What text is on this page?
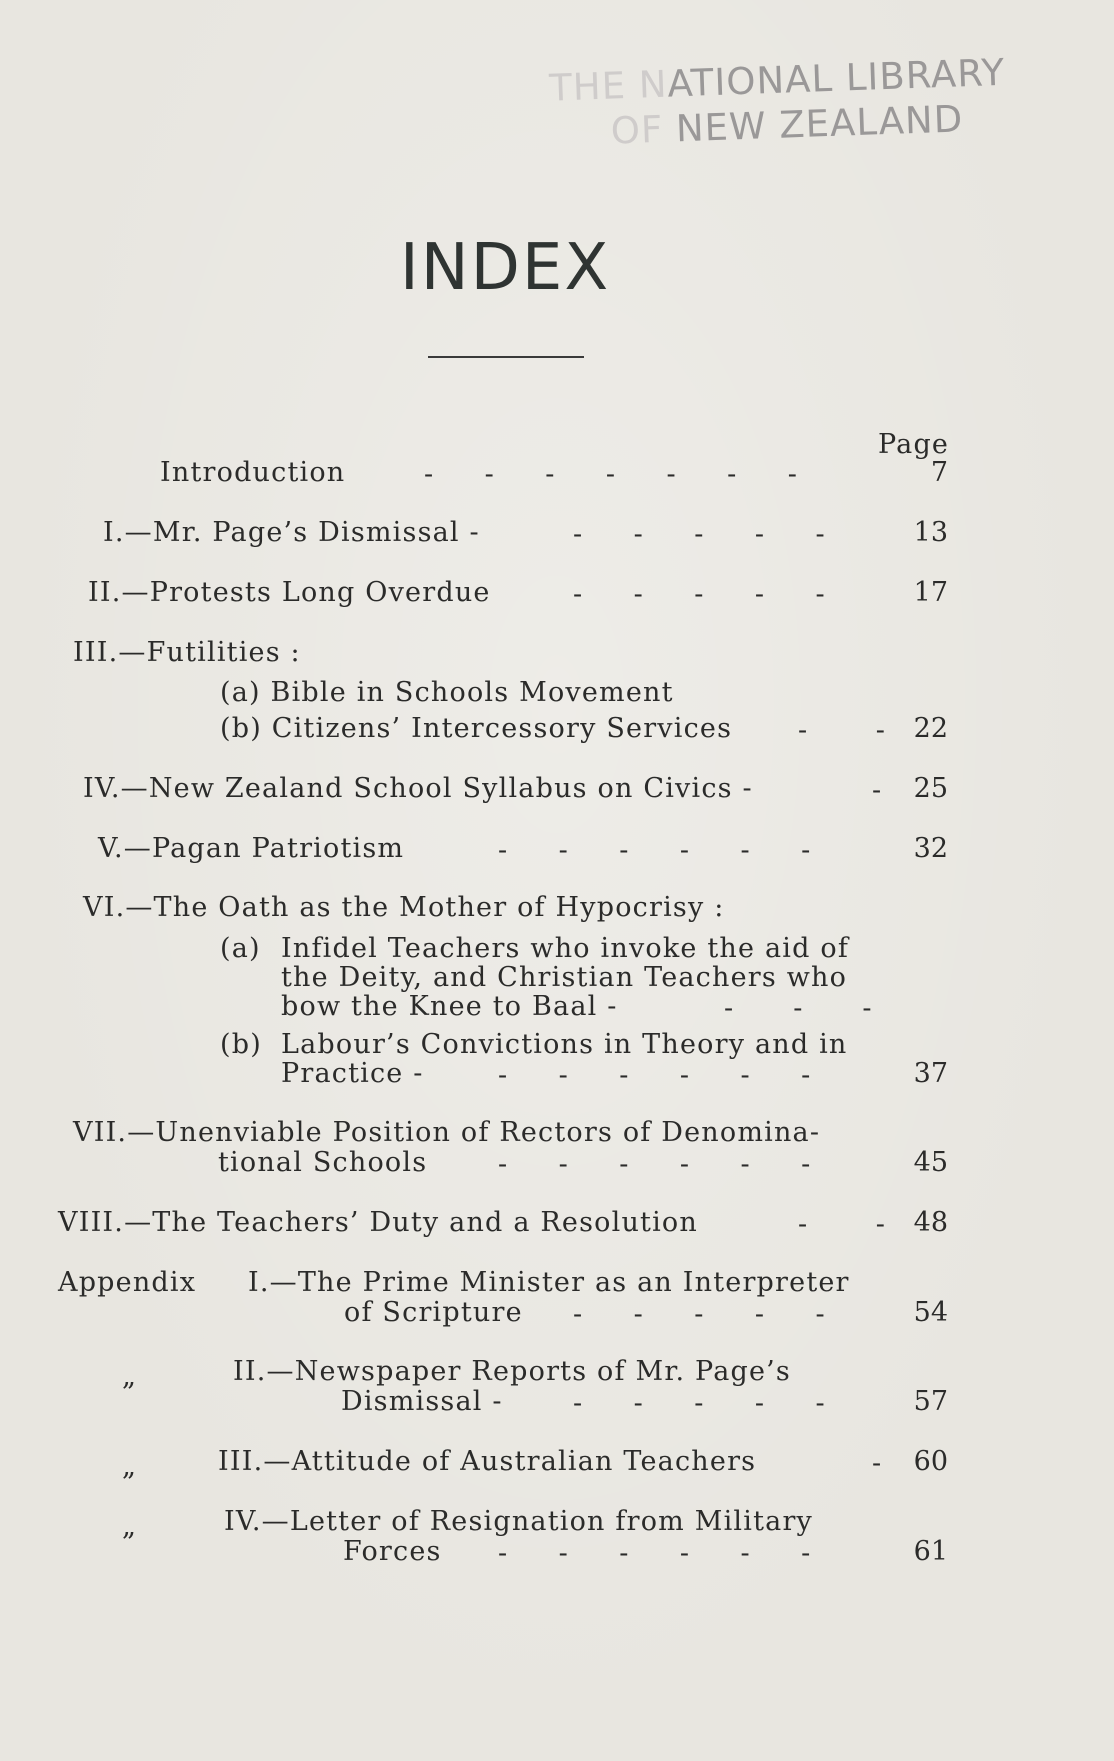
THE NATIONAL LIBRARY
OF NEW ZEALAND
INDEX
Page
Introduction	-      -      -      -      -      -      -	7
I.—Mr. Page’s Dismissal -	-      -      -      -      -	13
II.—Protests Long Overdue	-      -      -      -      -	17
III.—Futilities :
(a) Bible in Schools Movement
(b) Citizens’ Intercessory Services -        - 22
IV.—New Zealand School Syllabus on Civics -	- 25
V.—Pagan Patriotism	-      -      -      -      -      -	32
VI.—The Oath as the Mother of Hypocrisy :
(a) Infidel Teachers who invoke the aid of
the Deity, and Christian Teachers who
bow the Knee to Baal -	-       -       -
(b) Labour’s Convictions in Theory and in
Practice -	-      -      -      -      -      -	37
VII.—Unenviable Position of Rectors of Denomina-
tional Schools	-      -      -      -      -      -	45
VIII.—The Teachers’ Duty and a Resolution	-        - 48
Appendix I.—The Prime Minister as an Interpreter
of Scripture -      -      -      -      -	54
„	II.—Newspaper Reports of Mr. Page’s
Dismissal -	-      -      -      -      -	57
„	III.—Attitude of Australian Teachers	- 60
„	IV.—Letter of Resignation from Military
Forces -      -      -      -      -      -	61
